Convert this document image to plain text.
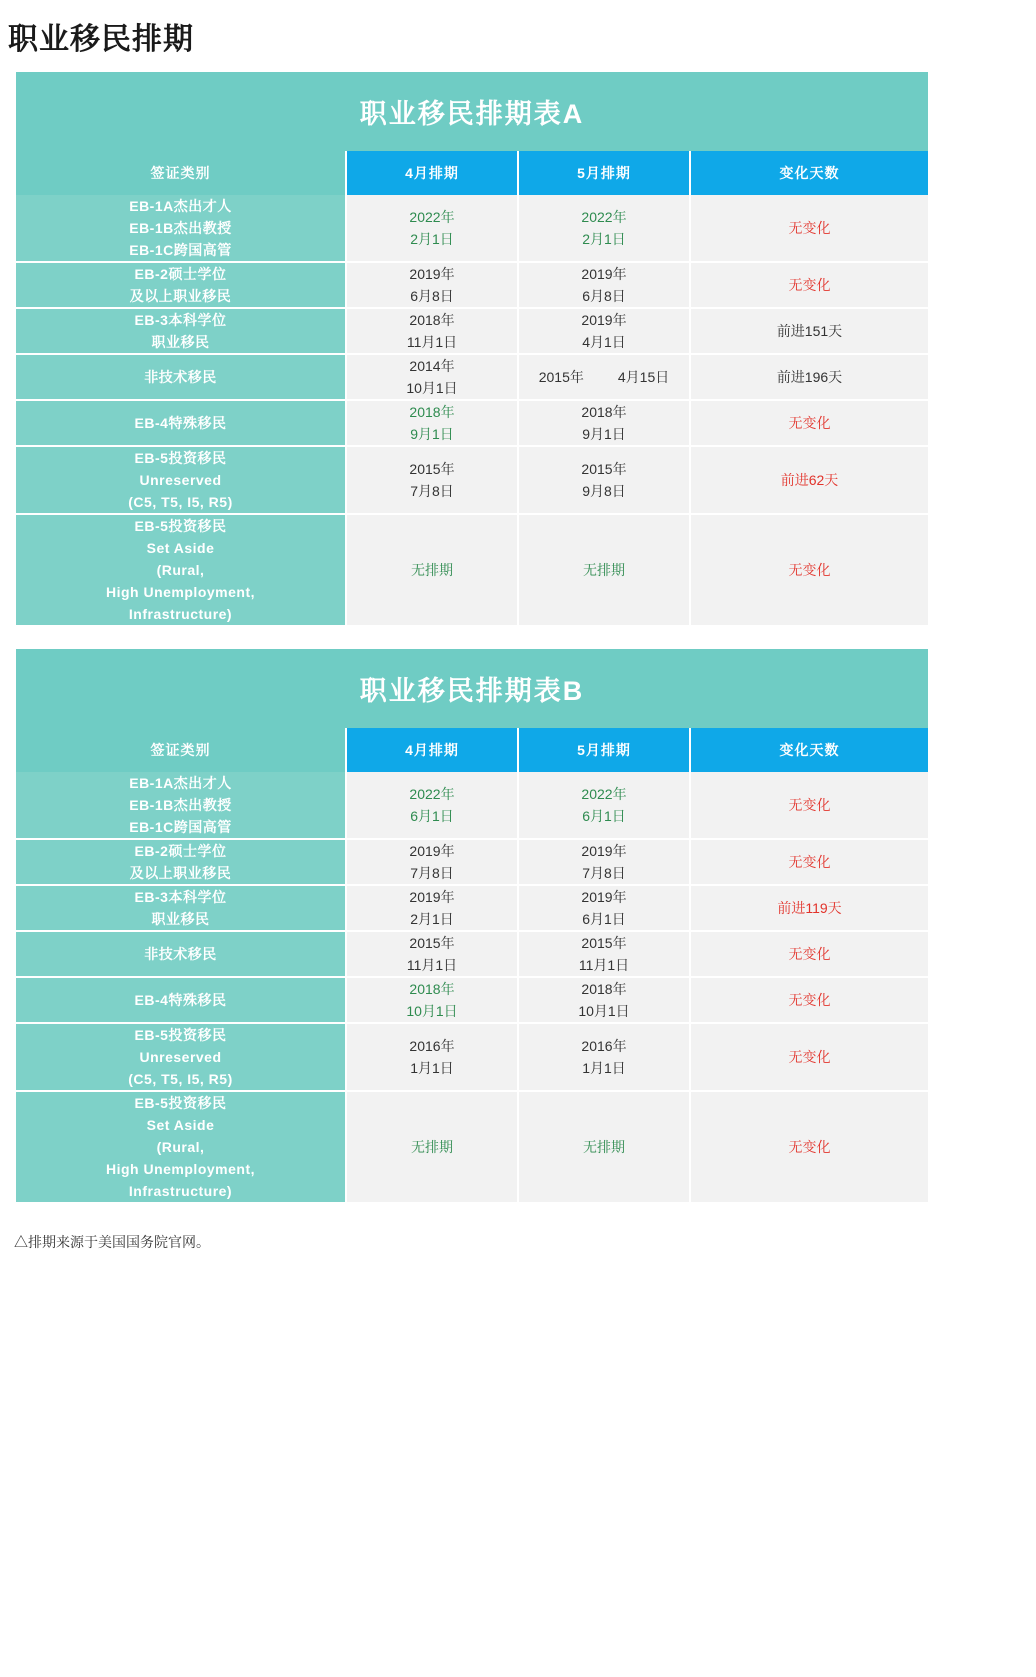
职业移民排期
职业移民排期表A
签证类别	4月排期	5月排期	变化天数

EB-1A杰出才人
EB-1B杰出教授
EB-1C跨国高管	2022年
2月1日	2022年
2月1日	无变化

EB-2硕士学位
及以上职业移民	2019年
6月8日	2019年
6月8日	无变化

EB-3本科学位
职业移民	2018年
11月1日	2019年
4月1日	前进151天

非技术移民	2014年
10月1日	2015年 4月15日	前进196天

EB-4特殊移民	2018年
9月1日	2018年
9月1日	无变化

EB-5投资移民
Unreserved
(C5, T5, I5, R5)	2015年
7月8日	2015年
9月8日	前进62天

EB-5投资移民
Set Aside
(Rural,
High Unemployment,
Infrastructure)	无排期	无排期	无变化
职业移民排期表B
签证类别	4月排期	5月排期	变化天数

EB-1A杰出才人
EB-1B杰出教授
EB-1C跨国高管	2022年
6月1日	2022年
6月1日	无变化

EB-2硕士学位
及以上职业移民	2019年
7月8日	2019年
7月8日	无变化

EB-3本科学位
职业移民	2019年
2月1日	2019年
6月1日	前进119天

非技术移民	2015年
11月1日	2015年
11月1日	无变化

EB-4特殊移民	2018年
10月1日	2018年
10月1日	无变化

EB-5投资移民
Unreserved
(C5, T5, I5, R5)	2016年
1月1日	2016年
1月1日	无变化

EB-5投资移民
Set Aside
(Rural,
High Unemployment,
Infrastructure)	无排期	无排期	无变化
△排期来源于美国国务院官网。
